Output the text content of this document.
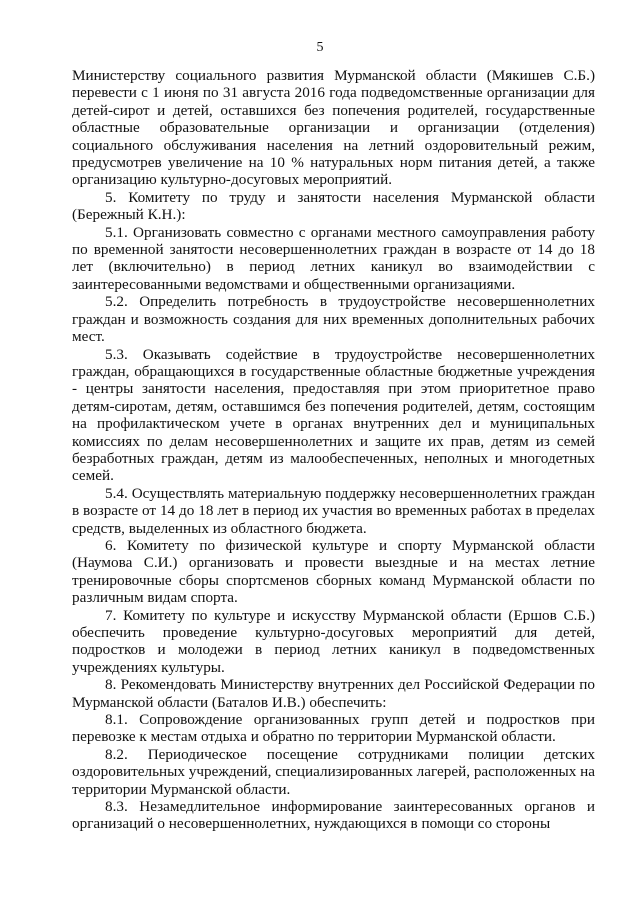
5

Министерству социального развития Мурманской области (Мякишев С.Б.) перевести с 1 июня по 31 августа 2016 года подведомственные организации для детей-сирот и детей, оставшихся без попечения родителей, государственные областные образовательные организации и организации (отделения) социального обслуживания населения на летний оздоровительный режим, предусмотрев увеличение на 10 % натуральных норм питания детей, а также организацию культурно-досуговых мероприятий.

5. Комитету по труду и занятости населения Мурманской области (Бережный К.Н.):

5.1. Организовать совместно с органами местного самоуправления работу по временной занятости несовершеннолетних граждан в возрасте от 14 до 18 лет (включительно) в период летних каникул во взаимодействии с заинтересованными ведомствами и общественными организациями.

5.2. Определить потребность в трудоустройстве несовершеннолетних граждан и возможность создания для них временных дополнительных рабочих мест.

5.3. Оказывать содействие в трудоустройстве несовершеннолетних граждан, обращающихся в государственные областные бюджетные учреждения - центры занятости населения, предоставляя при этом приоритетное право детям-сиротам, детям, оставшимся без попечения родителей, детям, состоящим на профилактическом учете в органах внутренних дел и муниципальных комиссиях по делам несовершеннолетних и защите их прав, детям из семей безработных граждан, детям из малообеспеченных, неполных и многодетных семей.

5.4. Осуществлять материальную поддержку несовершеннолетних граждан в возрасте от 14 до 18 лет в период их участия во временных работах в пределах средств, выделенных из областного бюджета.

6. Комитету по физической культуре и спорту Мурманской области (Наумова С.И.) организовать и провести выездные и на местах летние тренировочные сборы спортсменов сборных команд Мурманской области по различным видам спорта.

7. Комитету по культуре и искусству Мурманской области (Ершов С.Б.) обеспечить проведение культурно-досуговых мероприятий для детей, подростков и молодежи в период летних каникул в подведомственных учреждениях культуры.

8. Рекомендовать Министерству внутренних дел Российской Федерации по Мурманской области (Баталов И.В.) обеспечить:

8.1. Сопровождение организованных групп детей и подростков при перевозке к местам отдыха и обратно по территории Мурманской области.

8.2. Периодическое посещение сотрудниками полиции детских оздоровительных учреждений, специализированных лагерей, расположенных на территории Мурманской области.

8.3. Незамедлительное информирование заинтересованных органов и организаций о несовершеннолетних, нуждающихся в помощи со стороны
